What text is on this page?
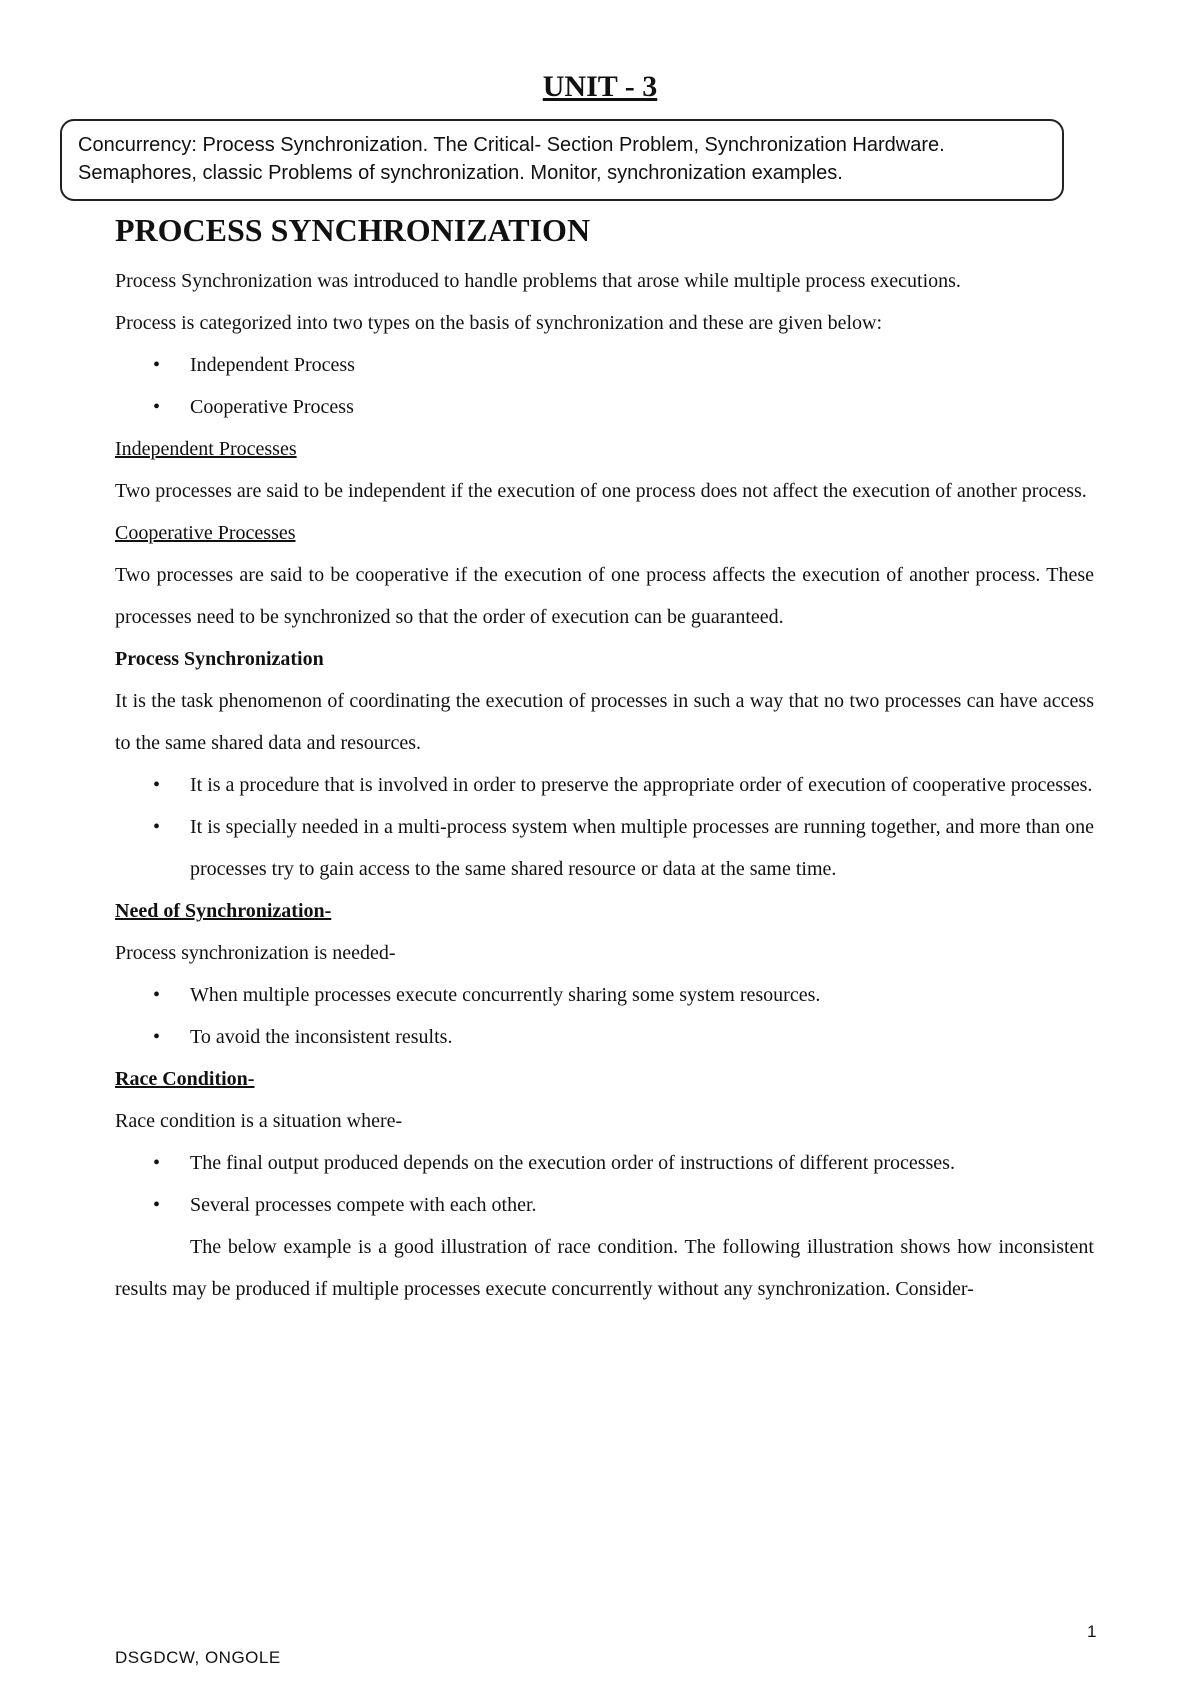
UNIT - 3
Concurrency: Process Synchronization. The Critical- Section Problem, Synchronization Hardware.
Semaphores, classic Problems of synchronization. Monitor, synchronization examples.
PROCESS SYNCHRONIZATION

Process Synchronization was introduced to handle problems that arose while multiple process executions.

Process is categorized into two types on the basis of synchronization and these are given below:

• Independent Process
• Cooperative Process
Independent Processes

Two processes are said to be independent if the execution of one process does not affect the execution of another process.

Cooperative Processes

Two processes are said to be cooperative if the execution of one process affects the execution of another process. These processes need to be synchronized so that the order of execution can be guaranteed.

Process Synchronization

It is the task phenomenon of coordinating the execution of processes in such a way that no two processes can have access to the same shared data and resources.

• It is a procedure that is involved in order to preserve the appropriate order of execution of cooperative processes.
• It is specially needed in a multi-process system when multiple processes are running together, and more than one processes try to gain access to the same shared resource or data at the same time.
Need of Synchronization-

Process synchronization is needed-

• When multiple processes execute concurrently sharing some system resources.
• To avoid the inconsistent results.
Race Condition-

Race condition is a situation where-

• The final output produced depends on the execution order of instructions of different processes.
• Several processes compete with each other.

The below example is a good illustration of race condition. The following illustration shows how inconsistent results may be produced if multiple processes execute concurrently without any synchronization. Consider-

1
DSGDCW, ONGOLE
